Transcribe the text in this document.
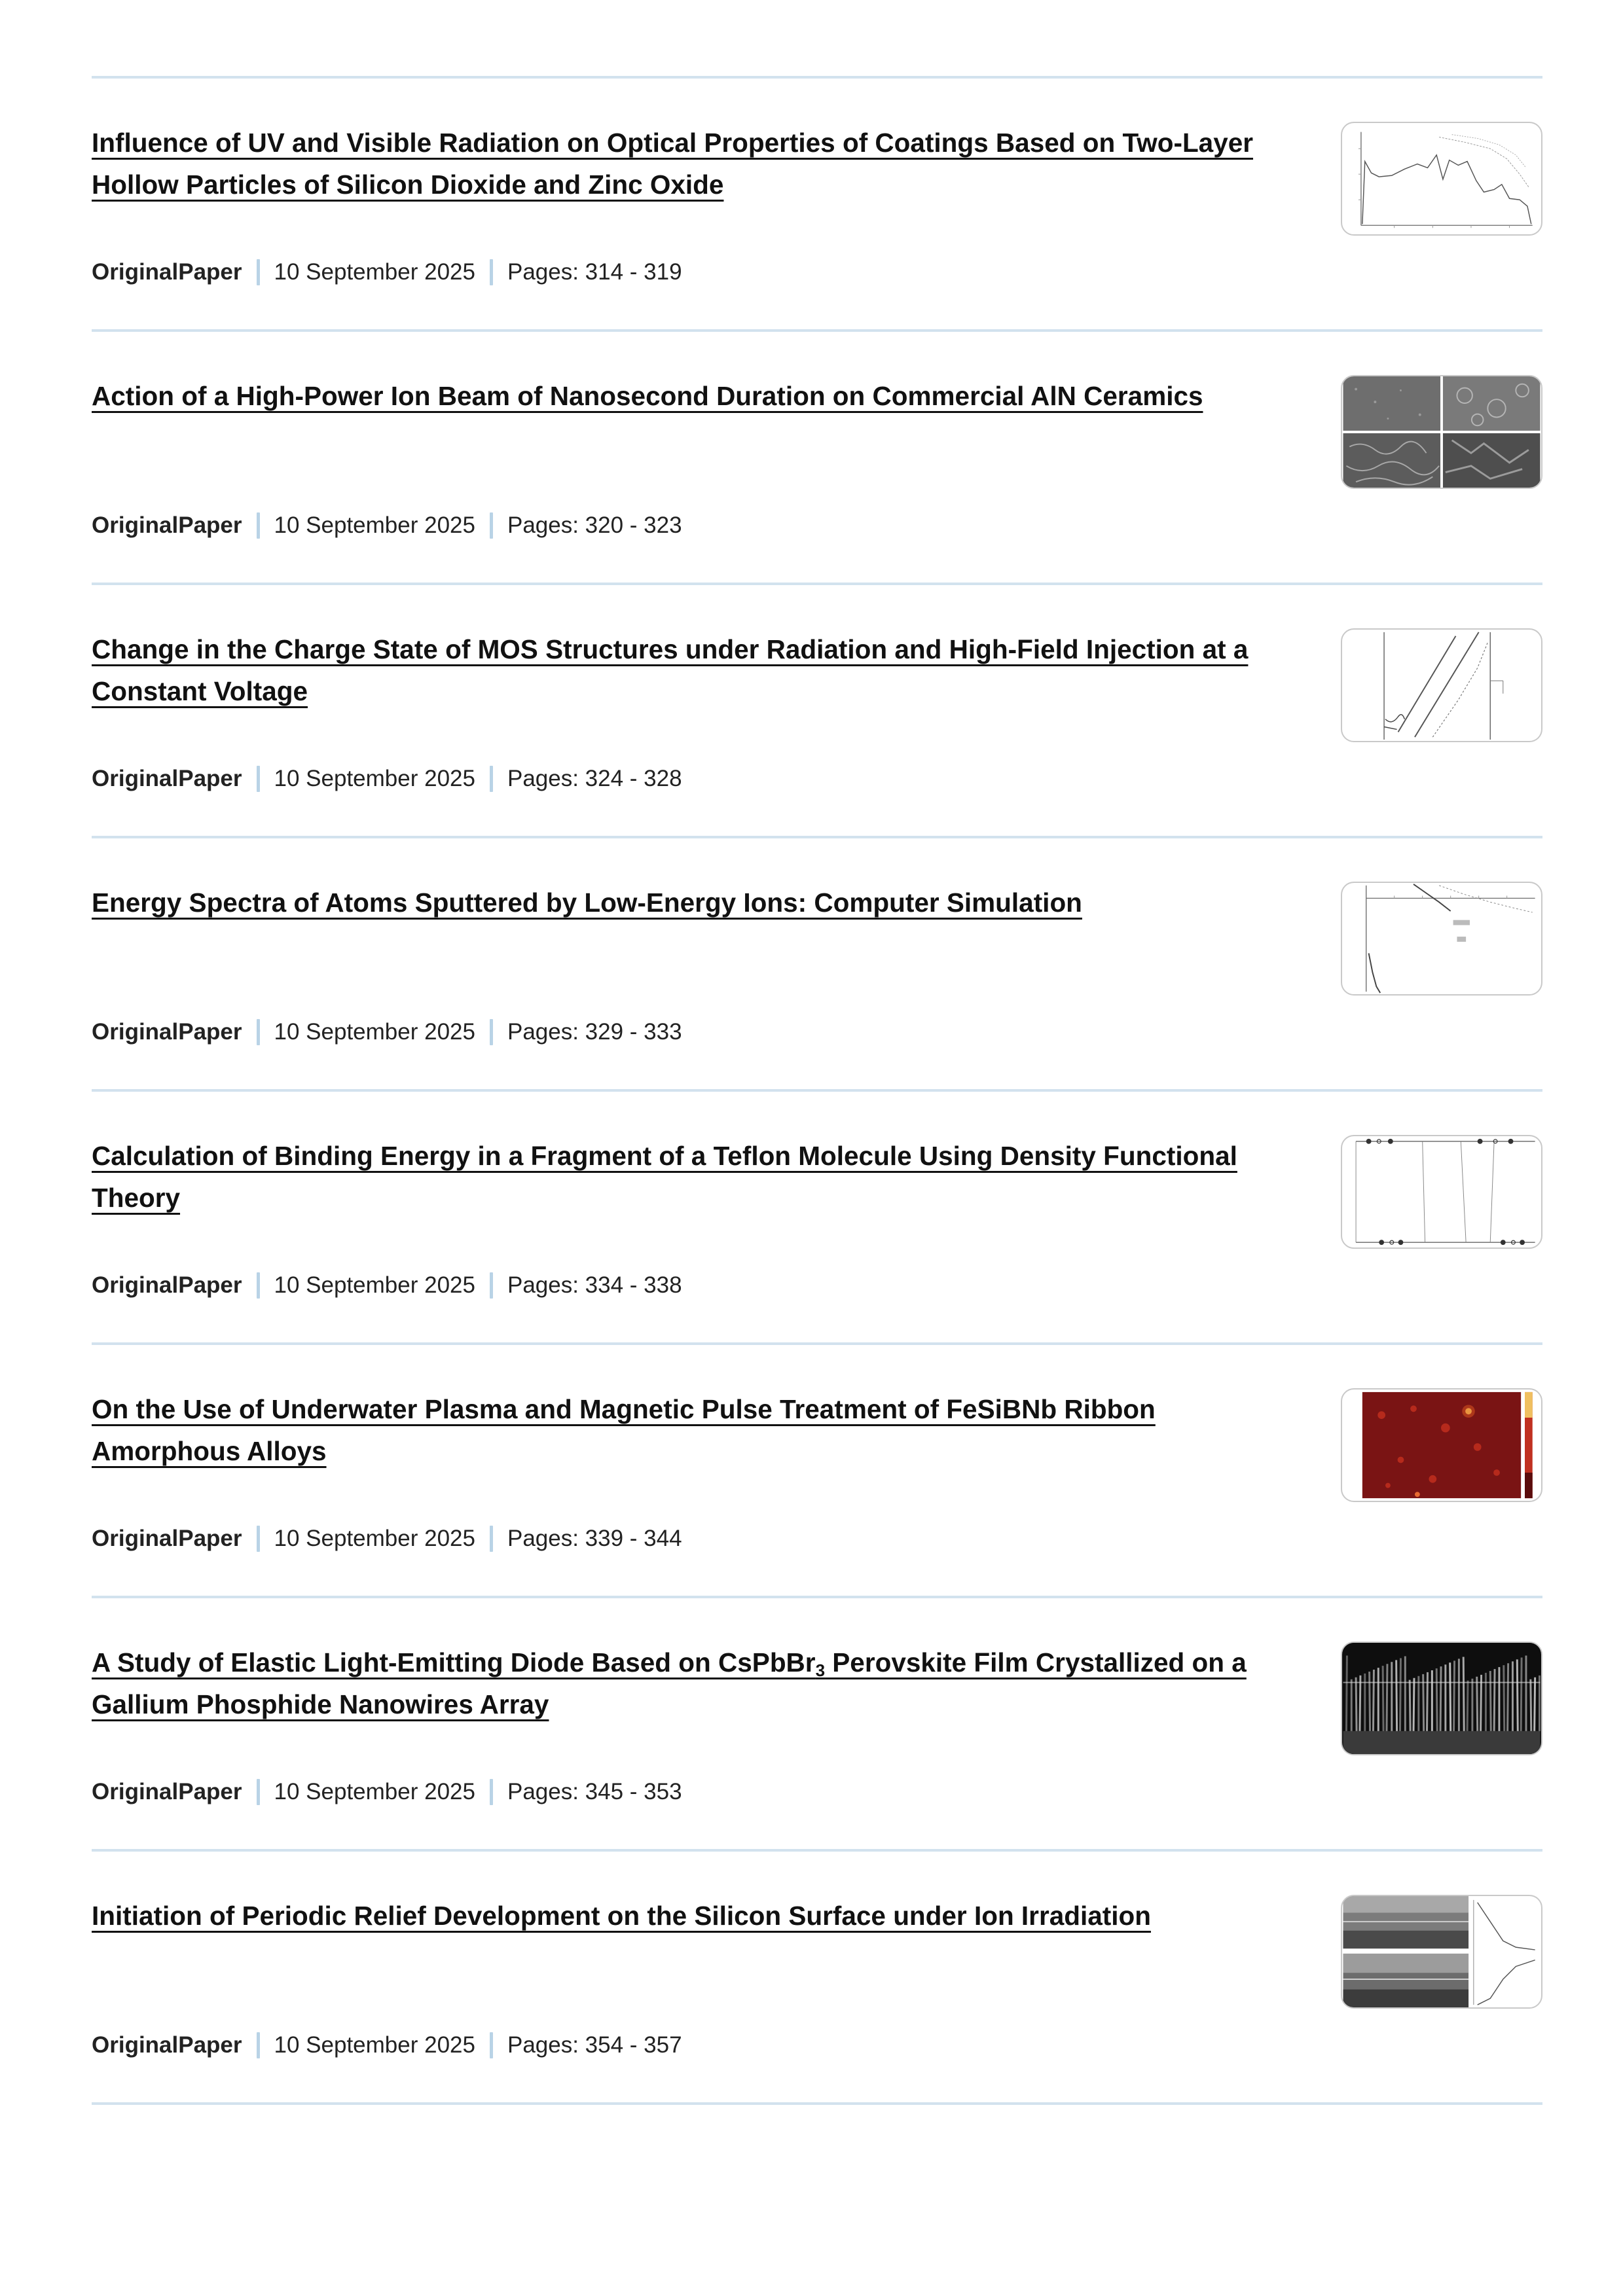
Influence of UV and Visible Radiation on Optical Properties of Coatings Based on Two-Layer Hollow Particles of Silicon Dioxide and Zinc Oxide
OriginalPaper 10 September 2025 Pages: 314 - 319
Action of a High-Power Ion Beam of Nanosecond Duration on Commercial AlN Ceramics
OriginalPaper 10 September 2025 Pages: 320 - 323
Change in the Charge State of MOS Structures under Radiation and High-Field Injection at a Constant Voltage
OriginalPaper 10 September 2025 Pages: 324 - 328
Energy Spectra of Atoms Sputtered by Low-Energy Ions: Computer Simulation
OriginalPaper 10 September 2025 Pages: 329 - 333
Calculation of Binding Energy in a Fragment of a Teflon Molecule Using Density Functional Theory
OriginalPaper 10 September 2025 Pages: 334 - 338
On the Use of Underwater Plasma and Magnetic Pulse Treatment of FeSiBNb Ribbon Amorphous Alloys
OriginalPaper 10 September 2025 Pages: 339 - 344
A Study of Elastic Light-Emitting Diode Based on CsPbBr$_3$ Perovskite Film Crystallized on a Gallium Phosphide Nanowires Array
OriginalPaper 10 September 2025 Pages: 345 - 353
Initiation of Periodic Relief Development on the Silicon Surface under Ion Irradiation
OriginalPaper 10 September 2025 Pages: 354 - 357
